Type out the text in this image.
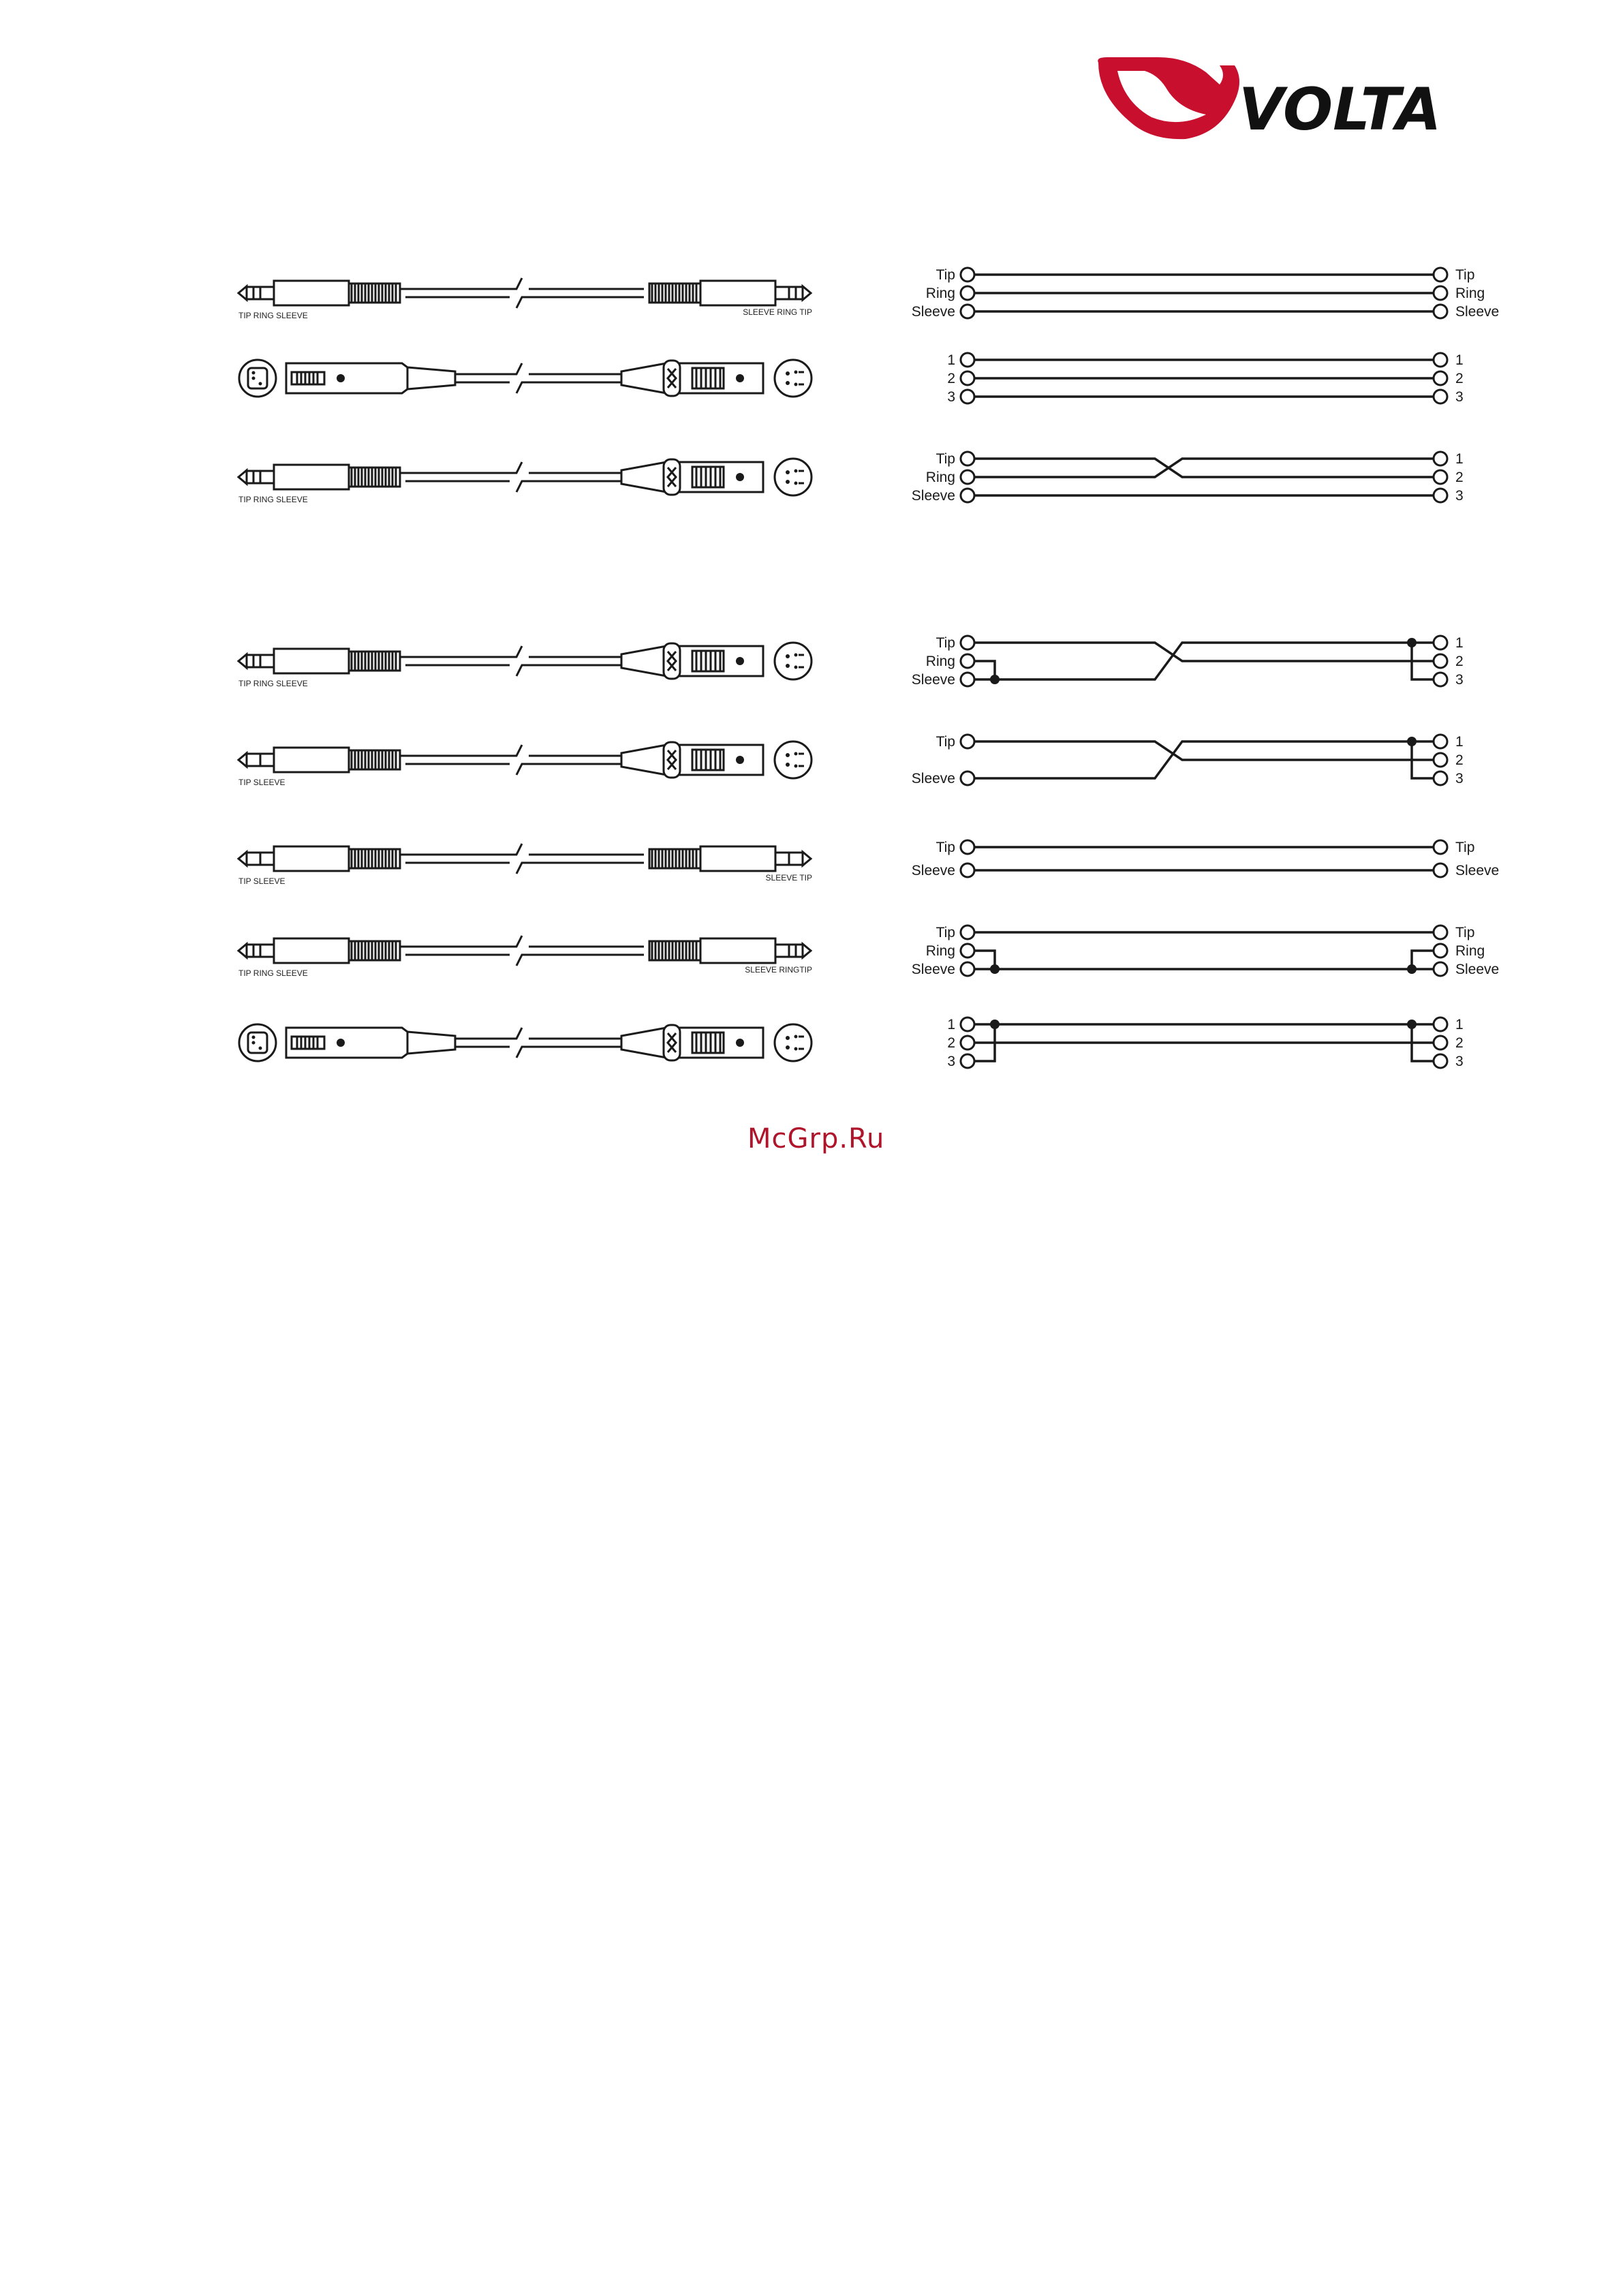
VOLTA
TIP RING SLEEVE	SLEEVE RING TIP
TIP RING SLEEVE
TIP RING SLEEVE
TIP SLEEVE
TIP SLEEVE	SLEEVE TIP
TIP RING SLEEVE	SLEEVE RINGTIP
Tip
Ring
Sleeve
Tip
Ring
Sleeve
1
2
3
1
2
3
Tip
Ring
Sleeve
1
2
3
Tip
Ring
Sleeve
1
2
3
Tip
Sleeve
1
2
3
Tip
Sleeve
Tip
Sleeve
Tip
Ring
Sleeve
Tip
Ring
Sleeve
1
2
3
1
2
3
McGrp.Ru
